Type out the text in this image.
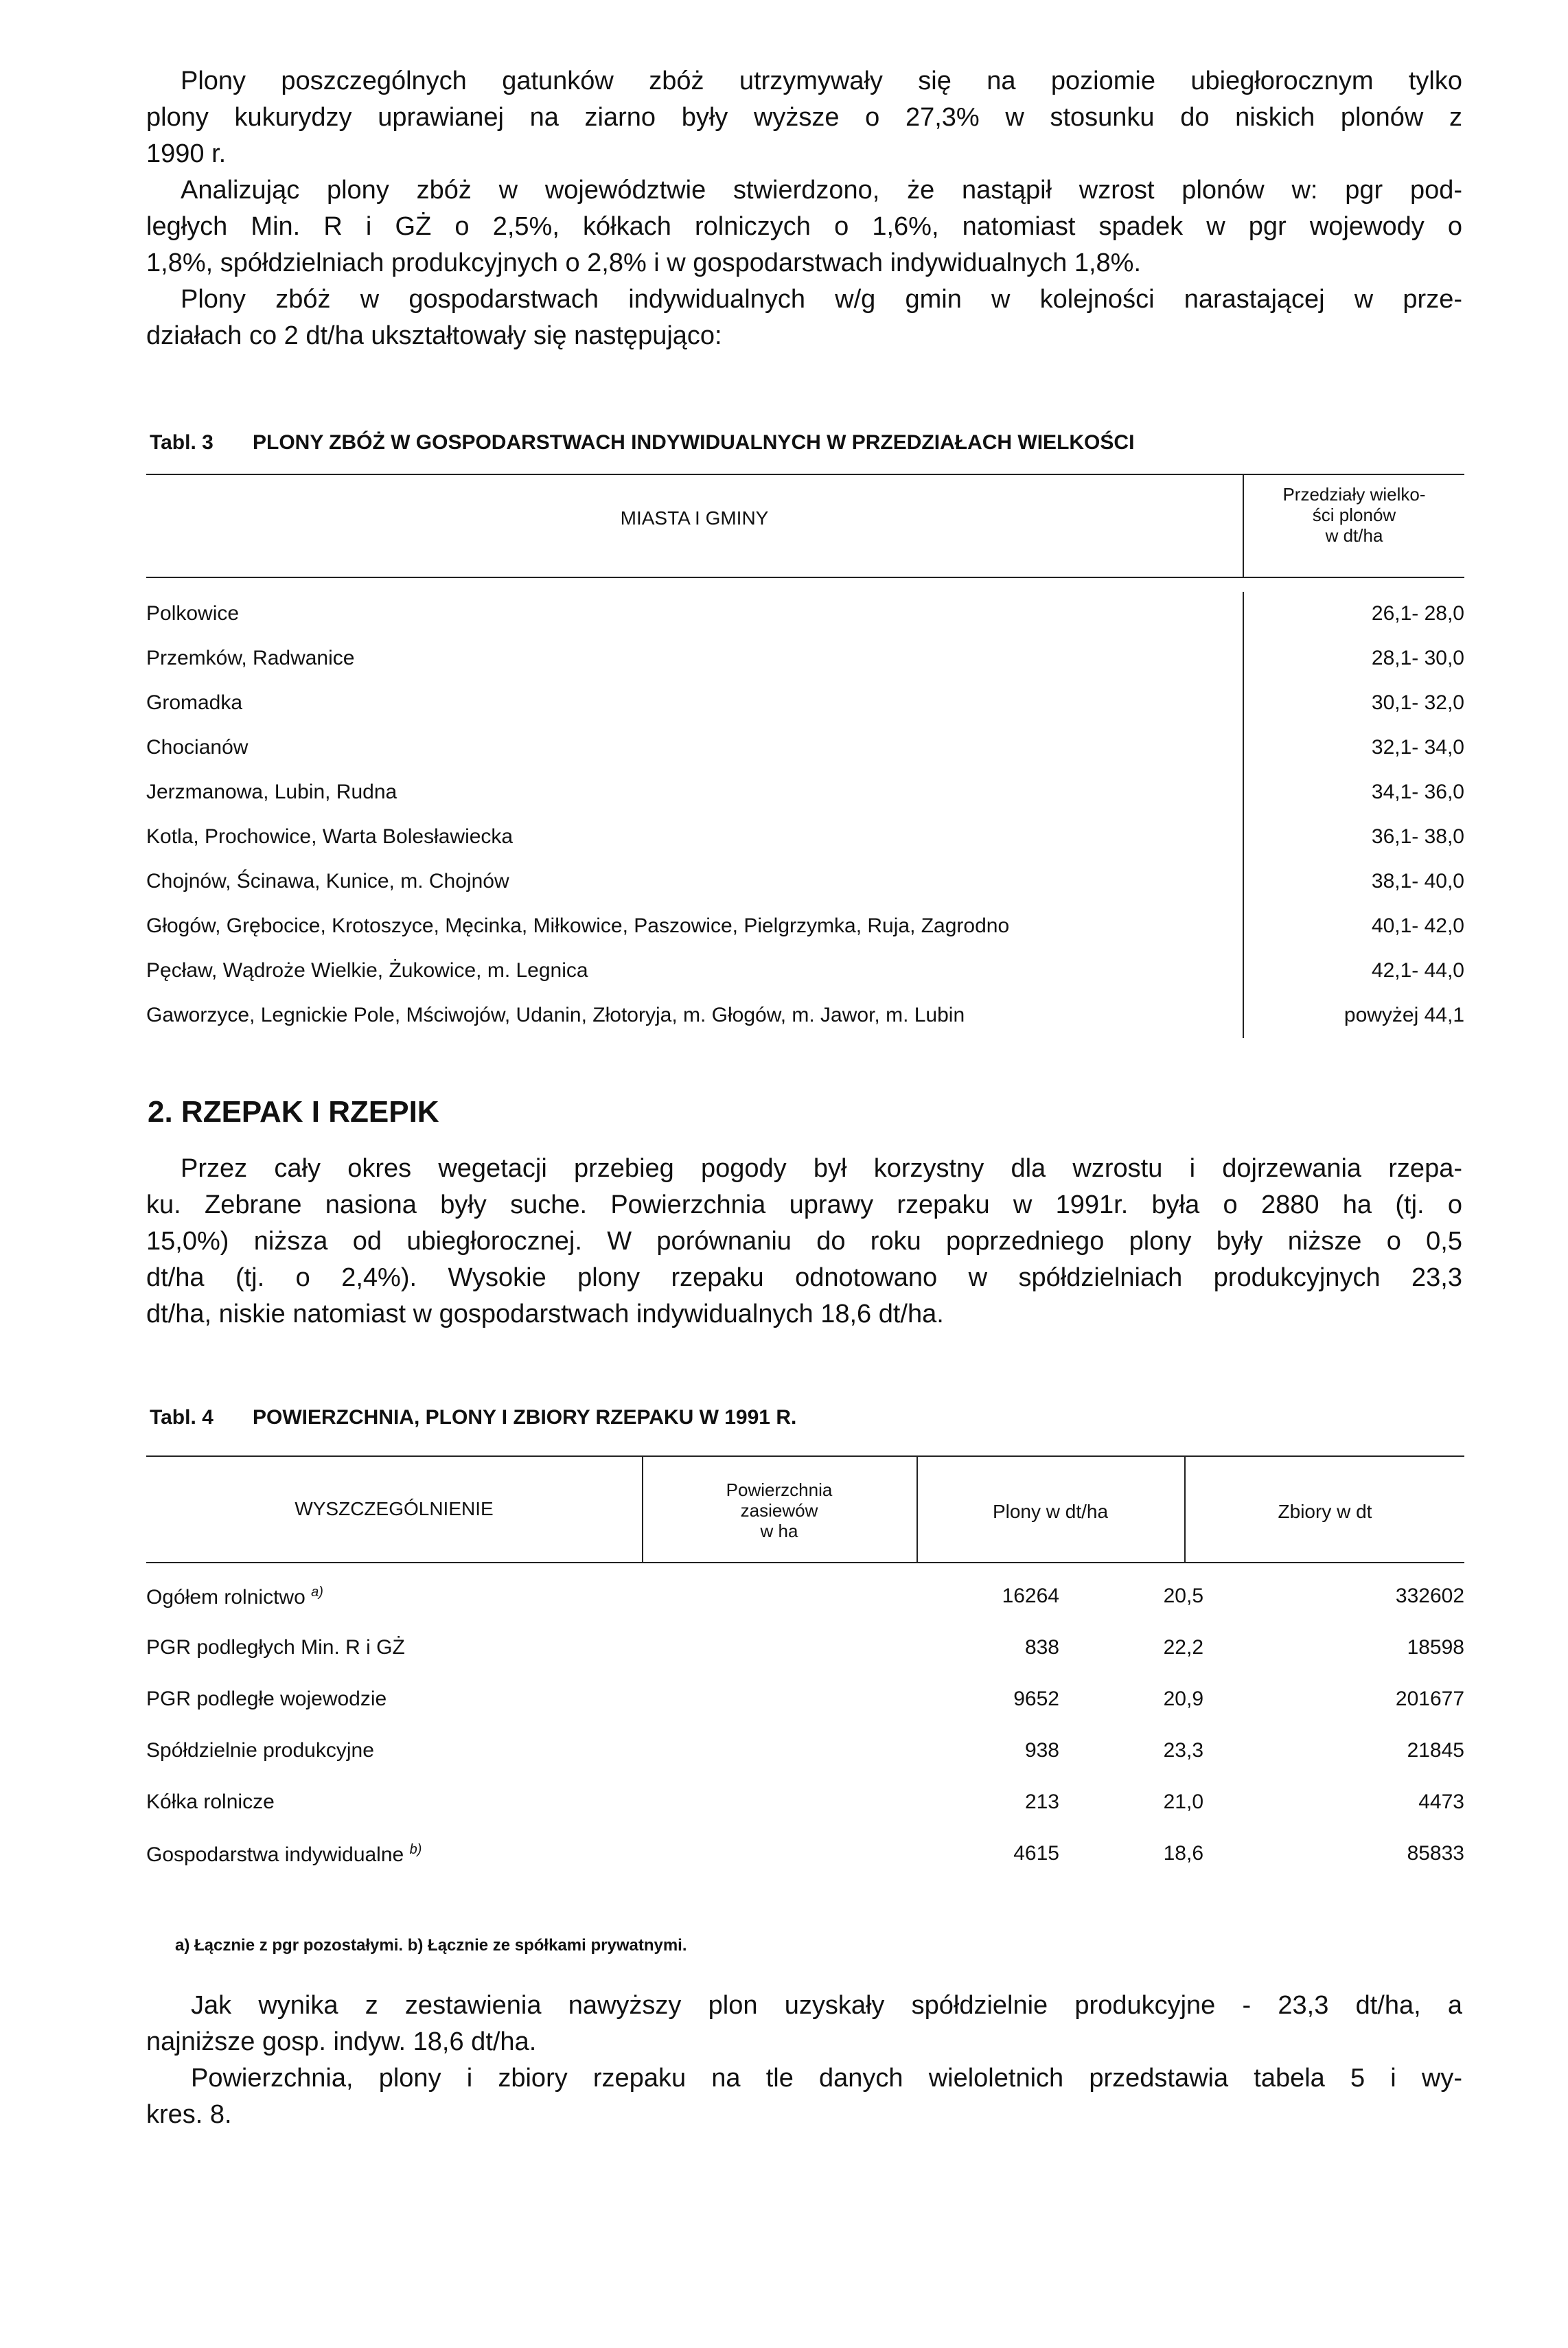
Plony poszczególnych gatunków zbóż utrzymywały się na poziomie ubiegłorocznym tylko
plony kukurydzy uprawianej na ziarno były wyższe o 27,3% w stosunku do niskich plonów z
1990 r.
Analizując plony zbóż w województwie stwierdzono, że nastąpił wzrost plonów w: pgr pod-
ległych Min. R i GŻ o 2,5%, kółkach rolniczych o 1,6%, natomiast spadek w pgr wojewody o
1,8%, spółdzielniach produkcyjnych o 2,8% i w gospodarstwach indywidualnych 1,8%.
Plony zbóż w gospodarstwach indywidualnych w/g gmin w kolejności narastającej w prze-
działach co 2 dt/ha ukształtowały się następująco:
Tabl. 3 PLONY ZBÓŻ W GOSPODARSTWACH INDYWIDUALNYCH W PRZEDZIAŁACH WIELKOŚCI
MIASTA I GMINY
Przedziały wielko-
ści plonów
w dt/ha
Polkowice	26,1- 28,0
Przemków, Radwanice	28,1- 30,0
Gromadka	30,1- 32,0
Chocianów	32,1- 34,0
Jerzmanowa, Lubin, Rudna	34,1- 36,0
Kotla, Prochowice, Warta Bolesławiecka	36,1- 38,0
Chojnów, Ścinawa, Kunice, m. Chojnów	38,1- 40,0
Głogów, Grębocice, Krotoszyce, Męcinka, Miłkowice, Paszowice, Pielgrzymka, Ruja, Zagrodno	40,1- 42,0
Pęcław, Wądroże Wielkie, Żukowice, m. Legnica	42,1- 44,0
Gaworzyce, Legnickie Pole, Mściwojów, Udanin, Złotoryja, m. Głogów, m. Jawor, m. Lubin	powyżej 44,1
2. RZEPAK I RZEPIK
Przez cały okres wegetacji przebieg pogody był korzystny dla wzrostu i dojrzewania rzepa-
ku. Zebrane nasiona były suche. Powierzchnia uprawy rzepaku w 1991r. była o 2880 ha (tj. o
15,0%) niższa od ubiegłorocznej. W porównaniu do roku poprzedniego plony były niższe o 0,5
dt/ha (tj. o 2,4%). Wysokie plony rzepaku odnotowano w spółdzielniach produkcyjnych 23,3
dt/ha, niskie natomiast w gospodarstwach indywidualnych 18,6 dt/ha.
Tabl. 4 POWIERZCHNIA, PLONY I ZBIORY RZEPAKU W 1991 R.
WYSZCZEGÓLNIENIE
Powierzchnia
zasiewów
w ha
Plony w dt/ha	Zbiory w dt
Ogółem rolnictwo $^{a)}$	16264	20,5	332602
PGR podległych Min. R i GŻ	838	22,2	18598
PGR podległe wojewodzie	9652	20,9	201677
Spółdzielnie produkcyjne	938	23,3	21845
Kółka rolnicze	213	21,0	4473
Gospodarstwa indywidualne $^{b)}$	4615	18,6	85833
a) Łącznie z pgr pozostałymi. b) Łącznie ze spółkami prywatnymi.
Jak wynika z zestawienia nawyższy plon uzyskały spółdzielnie produkcyjne - 23,3 dt/ha, a
najniższe gosp. indyw. 18,6 dt/ha.
Powierzchnia, plony i zbiory rzepaku na tle danych wieloletnich przedstawia tabela 5 i wy-
kres. 8.
